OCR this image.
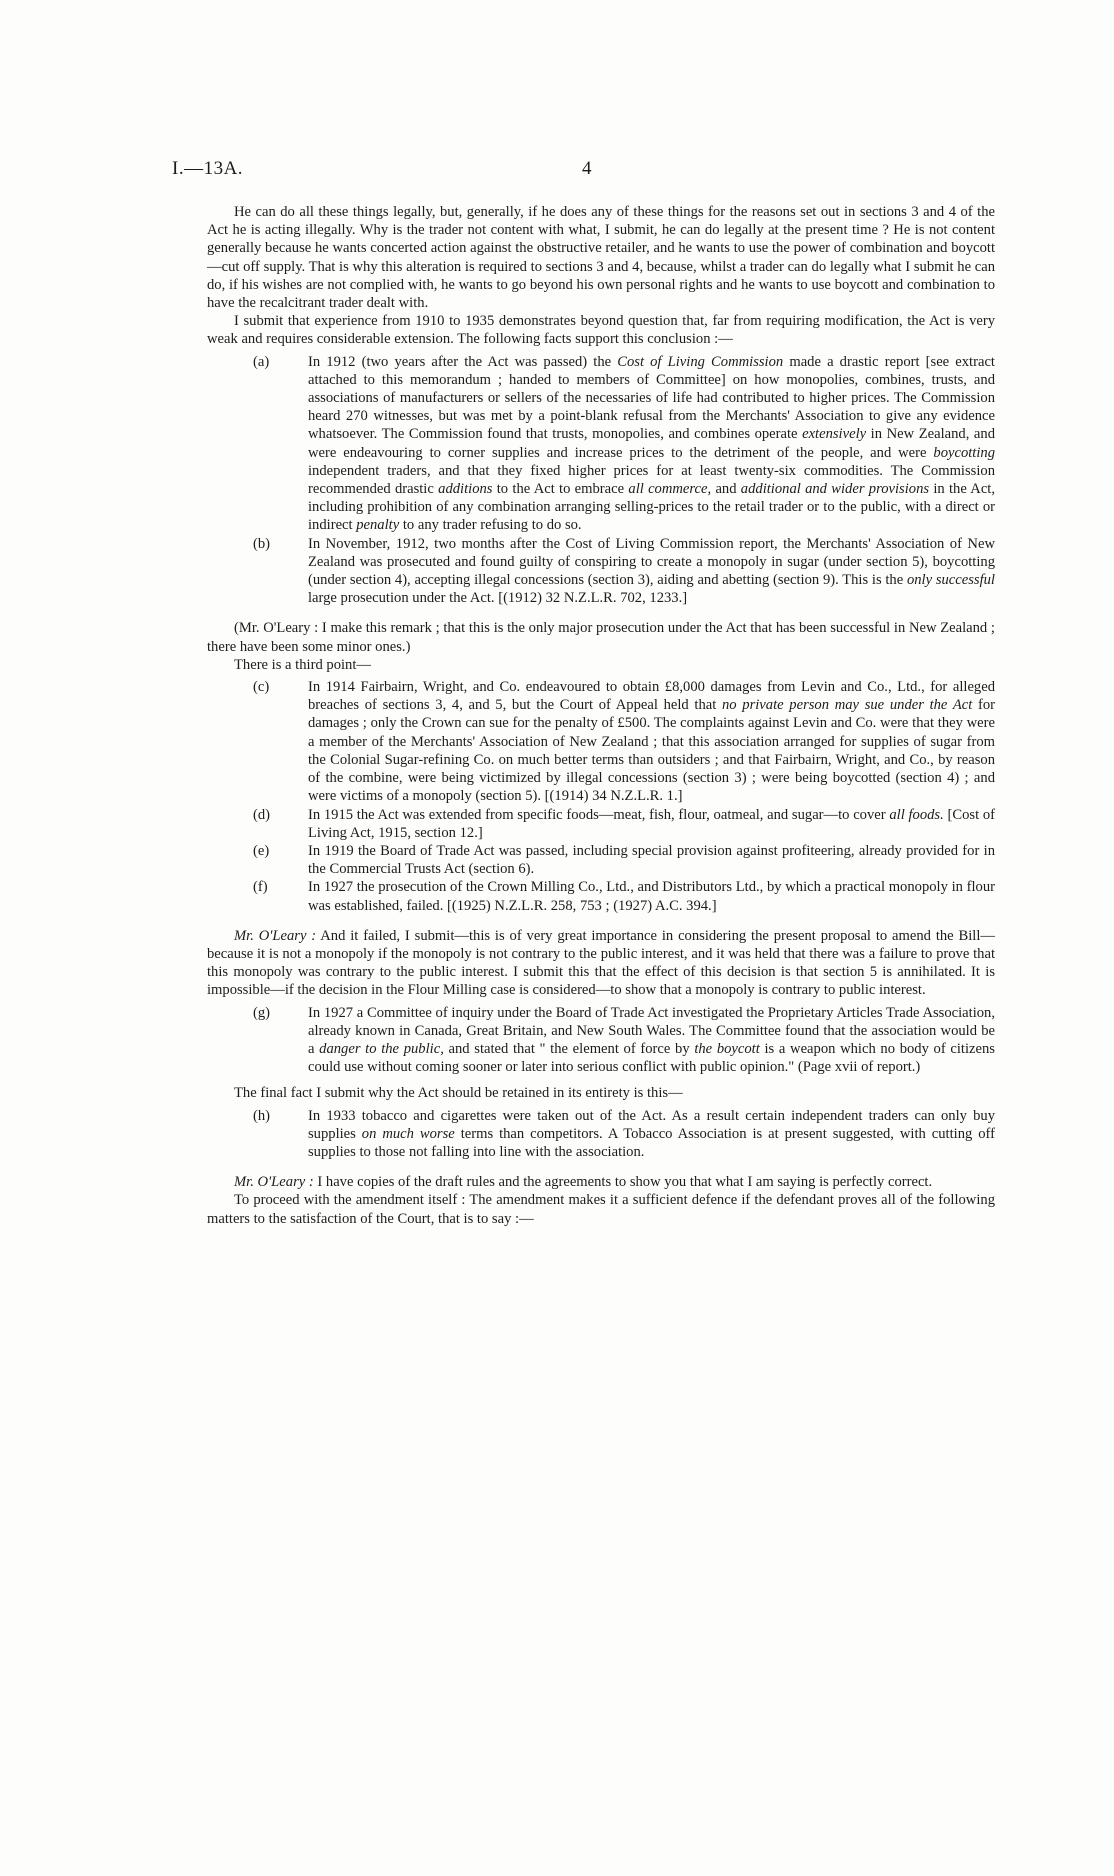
I.—13A.	4

He can do all these things legally, but, generally, if he does any of these things for the reasons set out in sections 3 and 4 of the Act he is acting illegally. Why is the trader not content with what, I submit, he can do legally at the present time ? He is not content generally because he wants concerted action against the obstructive retailer, and he wants to use the power of combination and boycott—cut off supply. That is why this alteration is required to sections 3 and 4, because, whilst a trader can do legally what I submit he can do, if his wishes are not complied with, he wants to go beyond his own personal rights and he wants to use boycott and combination to have the recalcitrant trader dealt with.

I submit that experience from 1910 to 1935 demonstrates beyond question that, far from requiring modification, the Act is very weak and requires considerable extension. The following facts support this conclusion :—

(a)	In 1912 (two years after the Act was passed) the Cost of Living Commission made a drastic report [see extract attached to this memorandum ; handed to members of Committee] on how monopolies, combines, trusts, and associations of manufacturers or sellers of the necessaries of life had contributed to higher prices. The Commission heard 270 witnesses, but was met by a point-blank refusal from the Merchants' Association to give any evidence whatsoever. The Commission found that trusts, monopolies, and combines operate extensively in New Zealand, and were endeavouring to corner supplies and increase prices to the detriment of the people, and were boycotting independent traders, and that they fixed higher prices for at least twenty-six commodities. The Commission recommended drastic additions to the Act to embrace all commerce, and additional and wider provisions in the Act, including prohibition of any combination arranging selling-prices to the retail trader or to the public, with a direct or indirect penalty to any trader refusing to do so.

(b)	In November, 1912, two months after the Cost of Living Commission report, the Merchants' Association of New Zealand was prosecuted and found guilty of conspiring to create a monopoly in sugar (under section 5), boycotting (under section 4), accepting illegal concessions (section 3), aiding and abetting (section 9). This is the only successful large prosecution under the Act. [(1912) 32 N.Z.L.R. 702, 1233.]

(Mr. O'Leary : I make this remark ; that this is the only major prosecution under the Act that has been successful in New Zealand ; there have been some minor ones.)

There is a third point—

(c)	In 1914 Fairbairn, Wright, and Co. endeavoured to obtain £8,000 damages from Levin and Co., Ltd., for alleged breaches of sections 3, 4, and 5, but the Court of Appeal held that no private person may sue under the Act for damages ; only the Crown can sue for the penalty of £500. The complaints against Levin and Co. were that they were a member of the Merchants' Association of New Zealand ; that this association arranged for supplies of sugar from the Colonial Sugar-refining Co. on much better terms than outsiders ; and that Fairbairn, Wright, and Co., by reason of the combine, were being victimized by illegal concessions (section 3) ; were being boycotted (section 4) ; and were victims of a monopoly (section 5). [(1914) 34 N.Z.L.R. 1.]

(d)	In 1915 the Act was extended from specific foods—meat, fish, flour, oatmeal, and sugar—to cover all foods. [Cost of Living Act, 1915, section 12.]

(e)	In 1919 the Board of Trade Act was passed, including special provision against profiteering, already provided for in the Commercial Trusts Act (section 6).

(f)	In 1927 the prosecution of the Crown Milling Co., Ltd., and Distributors Ltd., by which a practical monopoly in flour was established, failed. [(1925) N.Z.L.R. 258, 753 ; (1927) A.C. 394.]

Mr. O'Leary : And it failed, I submit—this is of very great importance in considering the present proposal to amend the Bill—because it is not a monopoly if the monopoly is not contrary to the public interest, and it was held that there was a failure to prove that this monopoly was contrary to the public interest. I submit this that the effect of this decision is that section 5 is annihilated. It is impossible—if the decision in the Flour Milling case is considered—to show that a monopoly is contrary to public interest.

(g)	In 1927 a Committee of inquiry under the Board of Trade Act investigated the Proprietary Articles Trade Association, already known in Canada, Great Britain, and New South Wales. The Committee found that the association would be a danger to the public, and stated that " the element of force by the boycott is a weapon which no body of citizens could use without coming sooner or later into serious conflict with public opinion." (Page xvii of report.)

The final fact I submit why the Act should be retained in its entirety is this—

(h)	In 1933 tobacco and cigarettes were taken out of the Act. As a result certain independent traders can only buy supplies on much worse terms than competitors. A Tobacco Association is at present suggested, with cutting off supplies to those not falling into line with the association.

Mr. O'Leary : I have copies of the draft rules and the agreements to show you that what I am saying is perfectly correct.

To proceed with the amendment itself : The amendment makes it a sufficient defence if the defendant proves all of the following matters to the satisfaction of the Court, that is to say :—
